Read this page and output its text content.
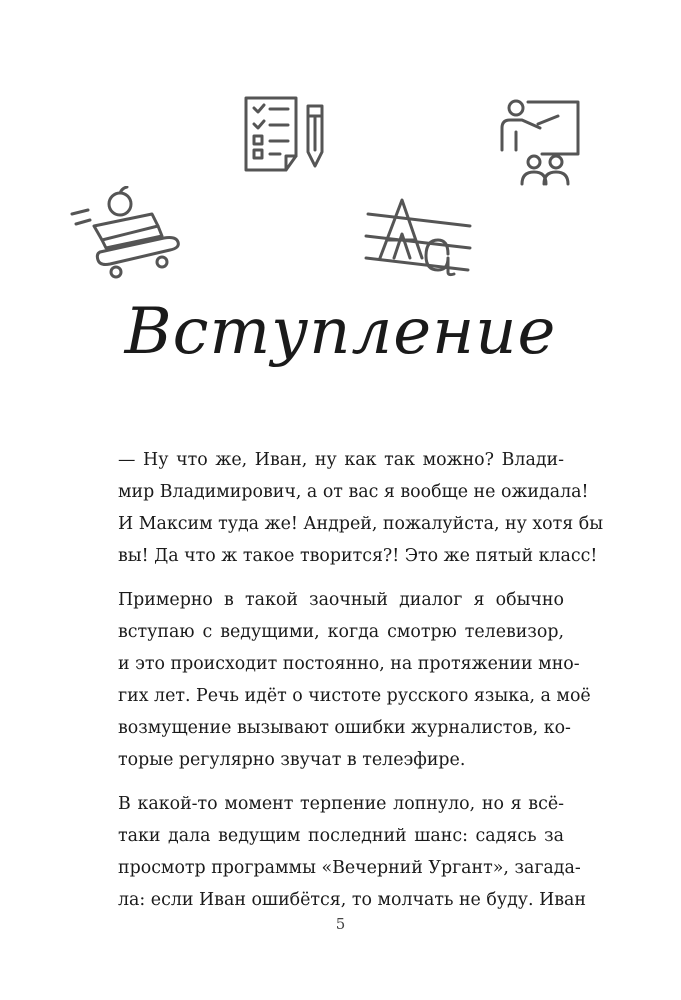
Вступление

— Ну что же, Иван, ну как так можно? Влади-
мир Владимирович, а от вас я вообще не ожидала!
И Максим туда же! Андрей, пожалуйста, ну хотя бы
вы! Да что ж такое творится?! Это же пятый класс!

Примерно в такой заочный диалог я обычно
вступаю с ведущими, когда смотрю телевизор,
и это происходит постоянно, на протяжении мно-
гих лет. Речь идёт о чистоте русского языка, а моё
возмущение вызывают ошибки журналистов, ко-
торые регулярно звучат в телеэфире.

В какой-то момент терпение лопнуло, но я всё-
таки дала ведущим последний шанс: садясь за
просмотр программы «Вечерний Ургант», загада-
ла: если Иван ошибётся, то молчать не буду. Иван

5
